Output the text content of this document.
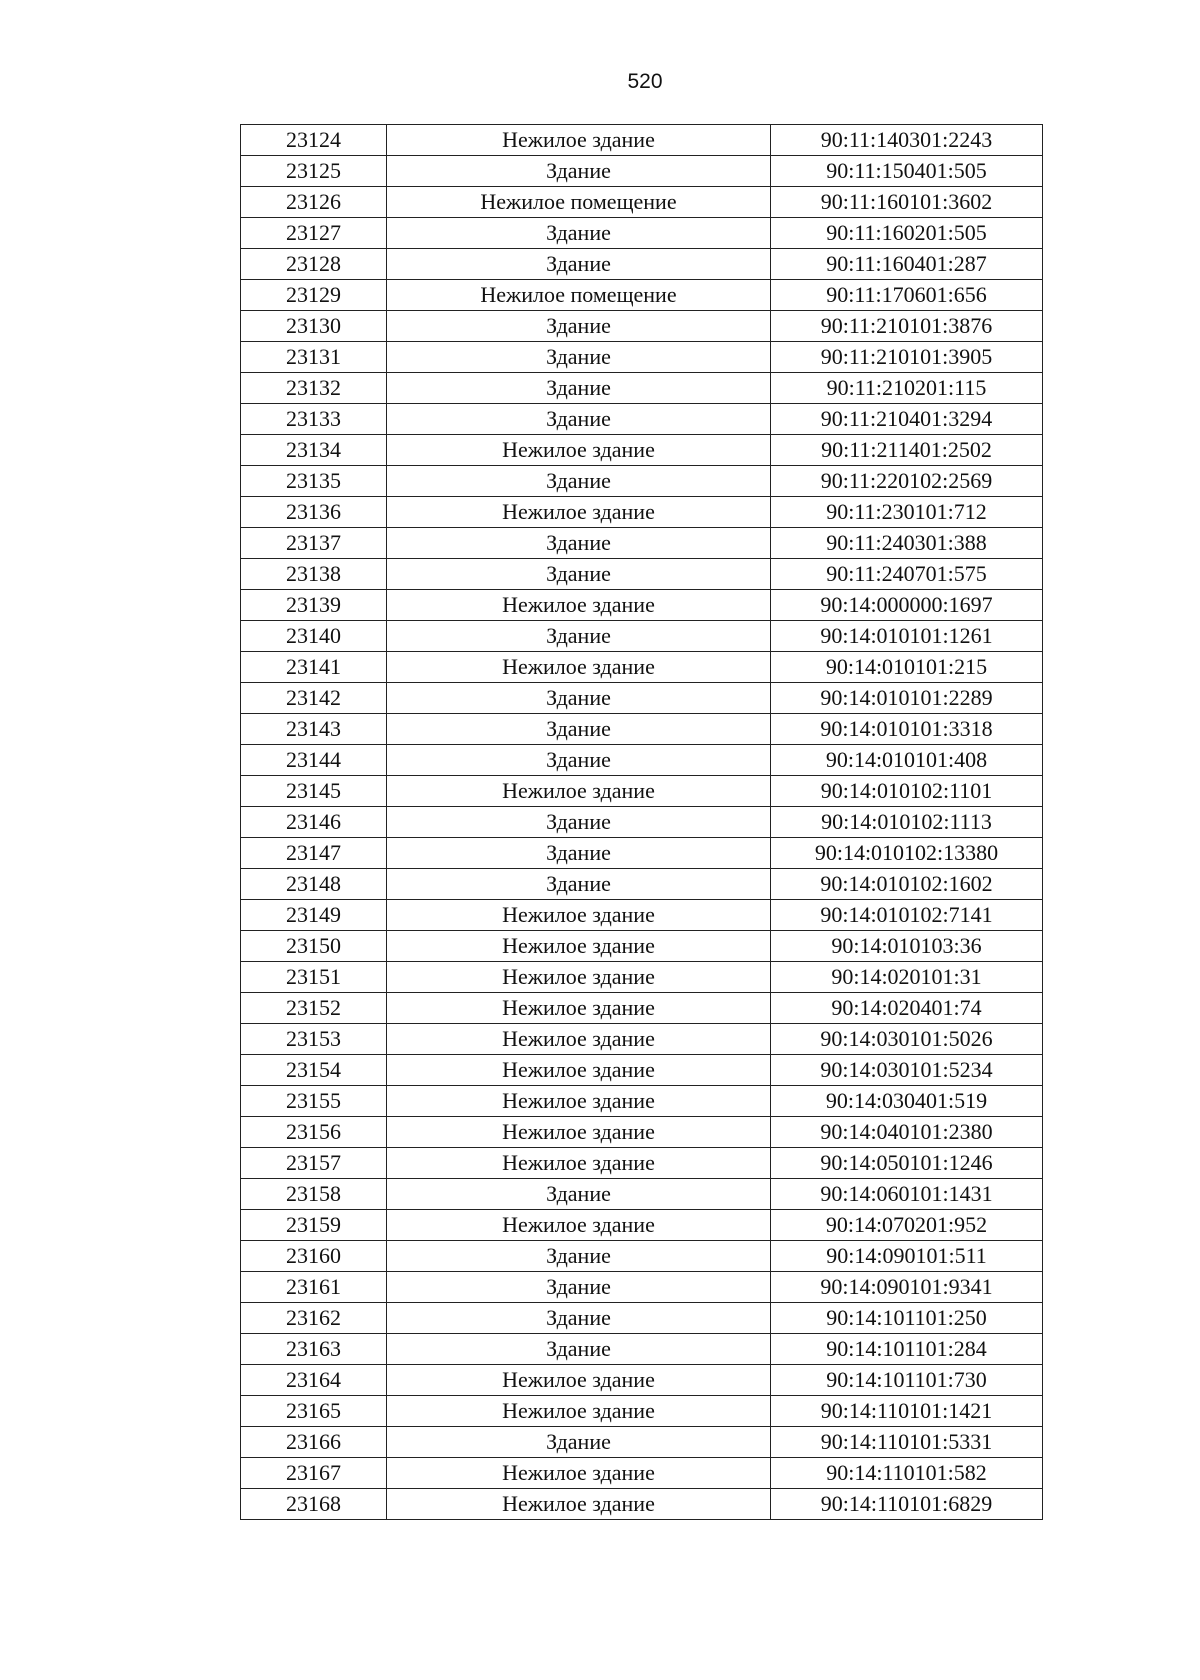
520
23124	Нежилое здание	90:11:140301:2243
23125	Здание	90:11:150401:505
23126	Нежилое помещение	90:11:160101:3602
23127	Здание	90:11:160201:505
23128	Здание	90:11:160401:287
23129	Нежилое помещение	90:11:170601:656
23130	Здание	90:11:210101:3876
23131	Здание	90:11:210101:3905
23132	Здание	90:11:210201:115
23133	Здание	90:11:210401:3294
23134	Нежилое здание	90:11:211401:2502
23135	Здание	90:11:220102:2569
23136	Нежилое здание	90:11:230101:712
23137	Здание	90:11:240301:388
23138	Здание	90:11:240701:575
23139	Нежилое здание	90:14:000000:1697
23140	Здание	90:14:010101:1261
23141	Нежилое здание	90:14:010101:215
23142	Здание	90:14:010101:2289
23143	Здание	90:14:010101:3318
23144	Здание	90:14:010101:408
23145	Нежилое здание	90:14:010102:1101
23146	Здание	90:14:010102:1113
23147	Здание	90:14:010102:13380
23148	Здание	90:14:010102:1602
23149	Нежилое здание	90:14:010102:7141
23150	Нежилое здание	90:14:010103:36
23151	Нежилое здание	90:14:020101:31
23152	Нежилое здание	90:14:020401:74
23153	Нежилое здание	90:14:030101:5026
23154	Нежилое здание	90:14:030101:5234
23155	Нежилое здание	90:14:030401:519
23156	Нежилое здание	90:14:040101:2380
23157	Нежилое здание	90:14:050101:1246
23158	Здание	90:14:060101:1431
23159	Нежилое здание	90:14:070201:952
23160	Здание	90:14:090101:511
23161	Здание	90:14:090101:9341
23162	Здание	90:14:101101:250
23163	Здание	90:14:101101:284
23164	Нежилое здание	90:14:101101:730
23165	Нежилое здание	90:14:110101:1421
23166	Здание	90:14:110101:5331
23167	Нежилое здание	90:14:110101:582
23168	Нежилое здание	90:14:110101:6829
